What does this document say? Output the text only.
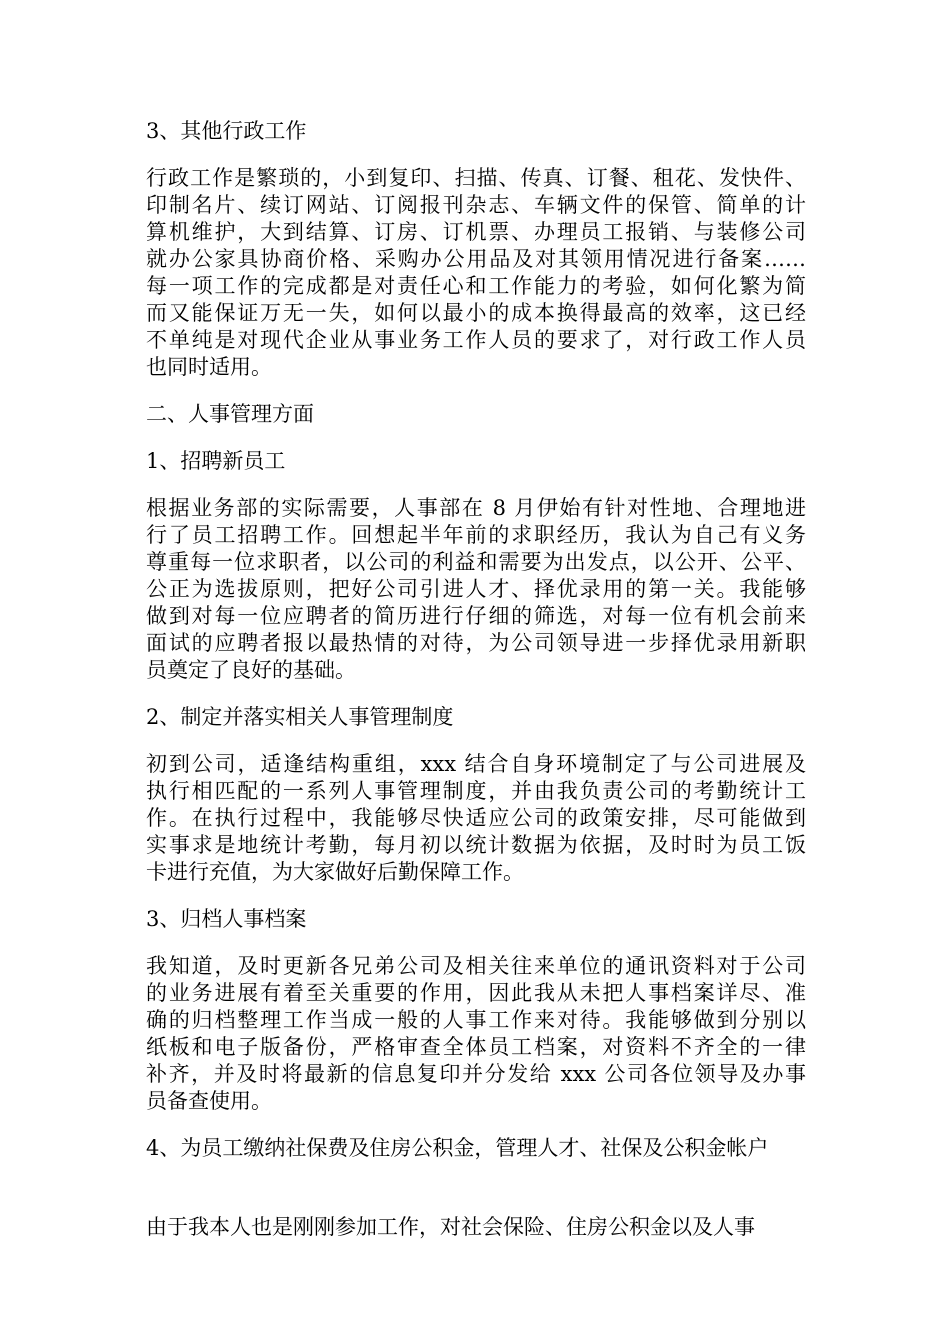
3、其他行政工作
行政工作是繁琐的，小到复印、扫描、传真、订餐、租花、发快件、
印制名片、续订网站、订阅报刊杂志、车辆文件的保管、简单的计
算机维护，大到结算、订房、订机票、办理员工报销、与装修公司
就办公家具协商价格、采购办公用品及对其领用情况进行备案……
每一项工作的完成都是对责任心和工作能力的考验，如何化繁为简
而又能保证万无一失，如何以最小的成本换得最高的效率，这已经
不单纯是对现代企业从事业务工作人员的要求了，对行政工作人员
也同时适用。
二、人事管理方面
1、招聘新员工
根据业务部的实际需要，人事部在 8 月伊始有针对性地、合理地进
行了员工招聘工作。回想起半年前的求职经历，我认为自己有义务
尊重每一位求职者，以公司的利益和需要为出发点，以公开、公平、
公正为选拔原则，把好公司引进人才、择优录用的第一关。我能够
做到对每一位应聘者的简历进行仔细的筛选，对每一位有机会前来
面试的应聘者报以最热情的对待，为公司领导进一步择优录用新职
员奠定了良好的基础。
2、制定并落实相关人事管理制度
初到公司，适逢结构重组，xxx 结合自身环境制定了与公司进展及
执行相匹配的一系列人事管理制度，并由我负责公司的考勤统计工
作。在执行过程中，我能够尽快适应公司的政策安排，尽可能做到
实事求是地统计考勤，每月初以统计数据为依据，及时时为员工饭
卡进行充值，为大家做好后勤保障工作。
3、归档人事档案
我知道，及时更新各兄弟公司及相关往来单位的通讯资料对于公司
的业务进展有着至关重要的作用，因此我从未把人事档案详尽、准
确的归档整理工作当成一般的人事工作来对待。我能够做到分别以
纸板和电子版备份，严格审查全体员工档案，对资料不齐全的一律
补齐，并及时将最新的信息复印并分发给 xxx 公司各位领导及办事
员备查使用。
4、为员工缴纳社保费及住房公积金，管理人才、社保及公积金帐户
由于我本人也是刚刚参加工作，对社会保险、住房公积金以及人事
